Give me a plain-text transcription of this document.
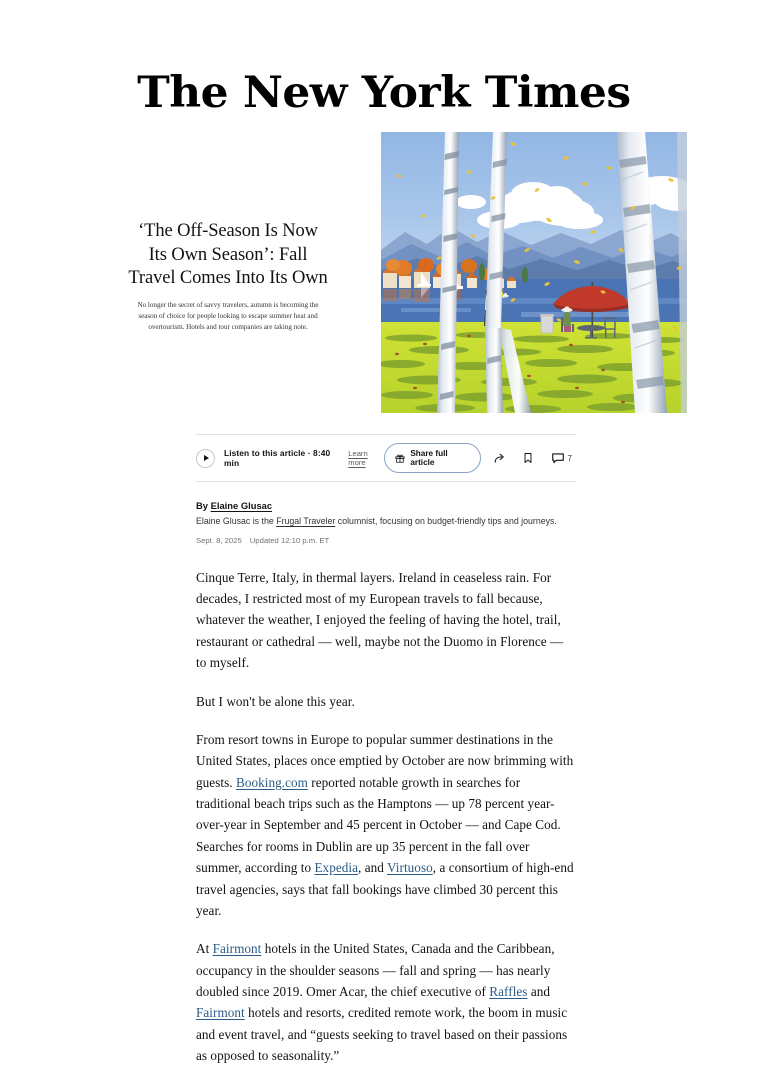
The New York Times
‘The Off-Season Is Now Its Own Season’: Fall Travel Comes Into Its Own

No longer the secret of savvy travelers, autumn is becoming the season of choice for people looking to escape summer heat and overtourism. Hotels and tour companies are taking note.

Listen to this article · 8:40 min
Learn more
Share full article	7
By Elaine Glusac
Elaine Glusac is the Frugal Traveler columnist, focusing on budget-friendly tips and journeys.
Sept. 8, 2025 Updated 12:10 p.m. ET

Cinque Terre, Italy, in thermal layers. Ireland in ceaseless rain. For decades, I restricted most of my European travels to fall because, whatever the weather, I enjoyed the feeling of having the hotel, trail, restaurant or cathedral — well, maybe not the Duomo in Florence — to myself.

But I won't be alone this year.

From resort towns in Europe to popular summer destinations in the United States, places once emptied by October are now brimming with guests. Booking.com reported notable growth in searches for traditional beach trips such as the Hamptons — up 78 percent year-over-year in September and 45 percent in October — and Cape Cod. Searches for rooms in Dublin are up 35 percent in the fall over summer, according to Expedia, and Virtuoso, a consortium of high-end travel agencies, says that fall bookings have climbed 30 percent this year.

At Fairmont hotels in the United States, Canada and the Caribbean, occupancy in the shoulder seasons — fall and spring — has nearly doubled since 2019. Omer Acar, the chief executive of Raffles and Fairmont hotels and resorts, credited remote work, the boom in music and event travel, and “guests seeking to travel based on their passions as opposed to seasonality.”
